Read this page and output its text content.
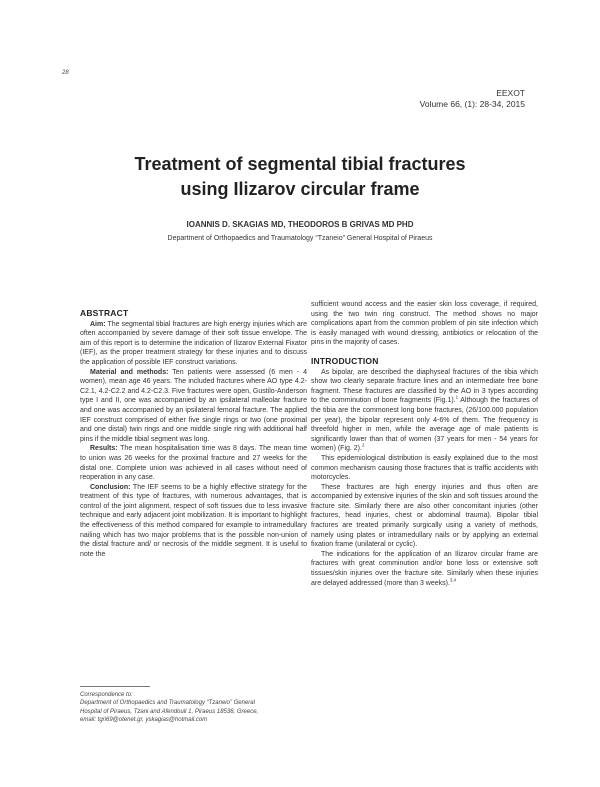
28
EEXOT
Volume 66, (1): 28-34, 2015
Treatment of segmental tibial fractures
using Ilizarov circular frame
IOANNIS D. SKAGIAS MD, THEODOROS B GRIVAS MD PHD
Department of Orthopaedics and Traumatology “Tzaneio” General Hospital of Piraeus
ABSTRACT

Aim: The segmental tibial fractures are high energy injuries which are often accompanied by severe damage of their soft tissue envelope. The aim of this report is to determine the indication of Ilizarov External Fixator (IEF), as the proper treatment strategy for these injuries and to discuss the application of possible IEF construct variations.

Material and methods: Ten patients were assessed (6 men - 4 women), mean age 46 years. The included fractures where AO type 4.2-C2.1, 4.2-C2.2 and 4.2-C2.3. Five fractures were open, Gustilo-Anderson type I and II, one was accompanied by an ipsilateral malleolar fracture and one was accompanied by an ipsilateral femoral fracture. The applied IEF construct comprised of either five single rings or two (one proximal and one distal) twin rings and one middle single ring with additional half pins if the middle tibial segment was long.

Results: The mean hospitalisation time was 8 days. The mean time to union was 26 weeks for the proximal fracture and 27 weeks for the distal one. Complete union was achieved in all cases without need of reoperation in any case.

Conclusion: The IEF seems to be a highly effective strategy for the treatment of this type of fractures, with numerous advantages, that is control of the joint alignment, respect of soft tissues due to less invasive technique and early adjacent joint mobilization. It is important to highlight the effectiveness of this method compared for example to intramedullary nailing which has two major problems that is the possible non-union of the distal fracture and/ or necrosis of the middle segment. It is useful to note the

sufficient wound access and the easier skin loss coverage, if required, using the two twin ring construct. The method shows no major complications apart from the common problem of pin site infection which is easily managed with wound dressing, antibiotics or relocation of the pins in the majority of cases.

INTRODUCTION

As bipolar, are described the diaphyseal fractures of the tibia which show two clearly separate fracture lines and an intermediate free bone fragment. These fractures are classified by the AO in 3 types according to the comminution of bone fragments (Fig.1).$^1$ Although the fractures of the tibia are the commonest long bone fractures, (26/100.000 population per year), the bipolar represent only 4-6% of them. The frequency is threefold higher in men, while the average age of male patients is significantly lower than that of women (37 years for men - 54 years for women) (Fig. 2).$^2$

This epidemiological distribution is easily explained due to the most common mechanism causing those fractures that is traffic accidents with motorcycles.

These fractures are high energy injuries and thus often are accompanied by extensive injuries of the skin and soft tissues around the fracture site. Similarly there are also other concomitant injuries (other fractures, head injuries, chest or abdominal trauma). Bipolar tibial fractures are treated primarily surgically using a variety of methods, namely using plates or intramedullary nails or by applying an external fixation frame (unilateral or cyclic).

The indications for the application of an Ilizarov circular frame are fractures with great comminution and/or bone loss or extensive soft tissues/skin injuries over the fracture site. Similarly when these injuries are delayed addressed (more than 3 weeks).$^{3,4}$

Correspondence to:
Department of Orthopaedics and Traumatology “Tzaneio” General
Hospital of Piraeus, Tzani and Afendouli 1, Piraeus 18536, Greece,
email: tgri69@otenet.gr, yskagias@hotmail.com
